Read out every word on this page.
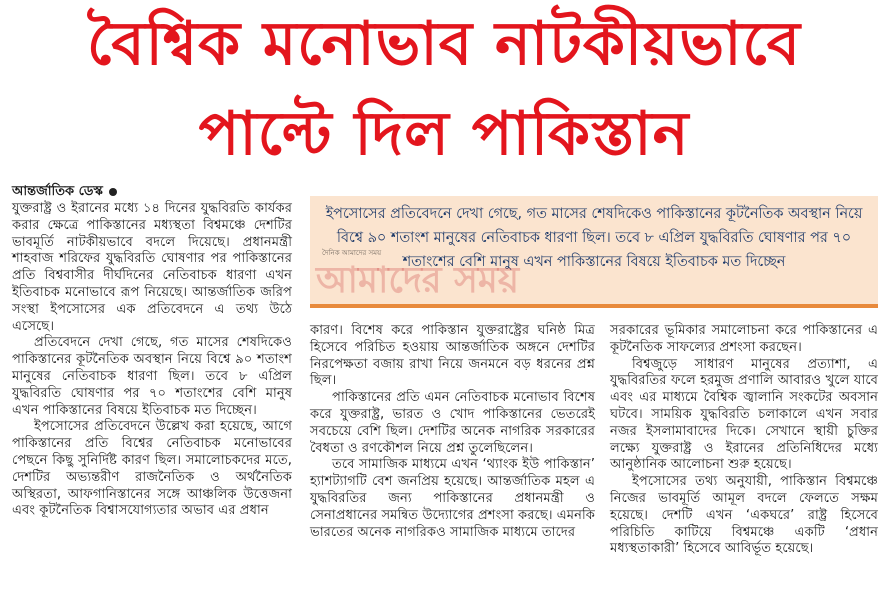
বৈশ্বিক মনোভাব নাটকীয়ভাবে
পাল্টে দিল পাকিস্তান
আন্তর্জাতিক ডেস্ক

যুক্তরাষ্ট্র ও ইরানের মধ্যে ১৪ দিনের যুদ্ধবিরতি কার্যকর করার ক্ষেত্রে পাকিস্তানের মধ্যস্থতা বিশ্বমঞ্চে দেশটির ভাবমূর্তি নাটকীয়ভাবে বদলে দিয়েছে। প্রধানমন্ত্রী শাহবাজ শরিফের যুদ্ধবিরতি ঘোষণার পর পাকিস্তানের প্রতি বিশ্ববাসীর দীর্ঘদিনের নেতিবাচক ধারণা এখন ইতিবাচক মনোভাবে রূপ নিয়েছে। আন্তর্জাতিক জরিপ সংস্থা ইপসোসের এক প্রতিবেদনে এ তথ্য উঠে এসেছে।

প্রতিবেদনে দেখা গেছে, গত মাসের শেষদিকেও পাকিস্তানের কূটনৈতিক অবস্থান নিয়ে বিশ্বে ৯০ শতাংশ মানুষের নেতিবাচক ধারণা ছিল। তবে ৮ এপ্রিল যুদ্ধবিরতি ঘোষণার পর ৭০ শতাংশের বেশি মানুষ এখন পাকিস্তানের বিষয়ে ইতিবাচক মত দিচ্ছেন।

ইপসোসের প্রতিবেদনে উল্লেখ করা হয়েছে, আগে পাকিস্তানের প্রতি বিশ্বের নেতিবাচক মনোভাবের পেছনে কিছু সুনির্দিষ্ট কারণ ছিল। সমালোচকদের মতে, দেশটির অভ্যন্তরীণ রাজনৈতিক ও অর্থনৈতিক অস্থিরতা, আফগানিস্তানের সঙ্গে আঞ্চলিক উত্তেজনা এবং কূটনৈতিক বিশ্বাসযোগ্যতার অভাব এর প্রধান

ইপসোসের প্রতিবেদনে দেখা গেছে, গত মাসের শেষদিকেও পাকিস্তানের কূটনৈতিক অবস্থান নিয়ে বিশ্বে ৯০ শতাংশ মানুষের নেতিবাচক ধারণা ছিল। তবে ৮ এপ্রিল যুদ্ধবিরতি ঘোষণার পর ৭০ শতাংশের বেশি মানুষ এখন পাকিস্তানের বিষয়ে ইতিবাচক মত দিচ্ছেন
দৈনিক আমাদের সময়
আমাদের সময়

কারণ। বিশেষ করে পাকিস্তান যুক্তরাষ্ট্রের ঘনিষ্ঠ মিত্র হিসেবে পরিচিত হওয়ায় আন্তর্জাতিক অঙ্গনে দেশটির নিরপেক্ষতা বজায় রাখা নিয়ে জনমনে বড় ধরনের প্রশ্ন ছিল।

পাকিস্তানের প্রতি এমন নেতিবাচক মনোভাব বিশেষ করে যুক্তরাষ্ট্র, ভারত ও খোদ পাকিস্তানের ভেতরেই সবচেয়ে বেশি ছিল। দেশটির অনেক নাগরিক সরকারের বৈধতা ও রণকৌশল নিয়ে প্রশ্ন তুলেছিলেন।

তবে সামাজিক মাধ্যমে এখন ‘থ্যাংক ইউ পাকিস্তান’ হ্যাশট্যাগটি বেশ জনপ্রিয় হয়েছে। আন্তর্জাতিক মহল এ যুদ্ধবিরতির জন্য পাকিস্তানের প্রধানমন্ত্রী ও সেনাপ্রধানের সমন্বিত উদ্যোগের প্রশংসা করছে। এমনকি ভারতের অনেক নাগরিকও সামাজিক মাধ্যমে তাদের

সরকারের ভূমিকার সমালোচনা করে পাকিস্তানের এ কূটনৈতিক সাফল্যের প্রশংসা করছেন।

বিশ্বজুড়ে সাধারণ মানুষের প্রত্যাশা, এ যুদ্ধবিরতির ফলে হরমুজ প্রণালি আবারও খুলে যাবে এবং এর মাধ্যমে বৈশ্বিক জ্বালানি সংকটের অবসান ঘটবে। সাময়িক যুদ্ধবিরতি চলাকালে এখন সবার নজর ইসলামাবাদের দিকে। সেখানে স্থায়ী চুক্তির লক্ষ্যে যুক্তরাষ্ট্র ও ইরানের প্রতিনিধিদের মধ্যে আনুষ্ঠানিক আলোচনা শুরু হয়েছে।

ইপসোসের তথ্য অনুযায়ী, পাকিস্তান বিশ্বমঞ্চে নিজের ভাবমূর্তি আমূল বদলে ফেলতে সক্ষম হয়েছে। দেশটি এখন ‘একঘরে’ রাষ্ট্র হিসেবে পরিচিতি কাটিয়ে বিশ্বমঞ্চে একটি ‘প্রধান মধ্যস্থতাকারী’ হিসেবে আবির্ভূত হয়েছে।
